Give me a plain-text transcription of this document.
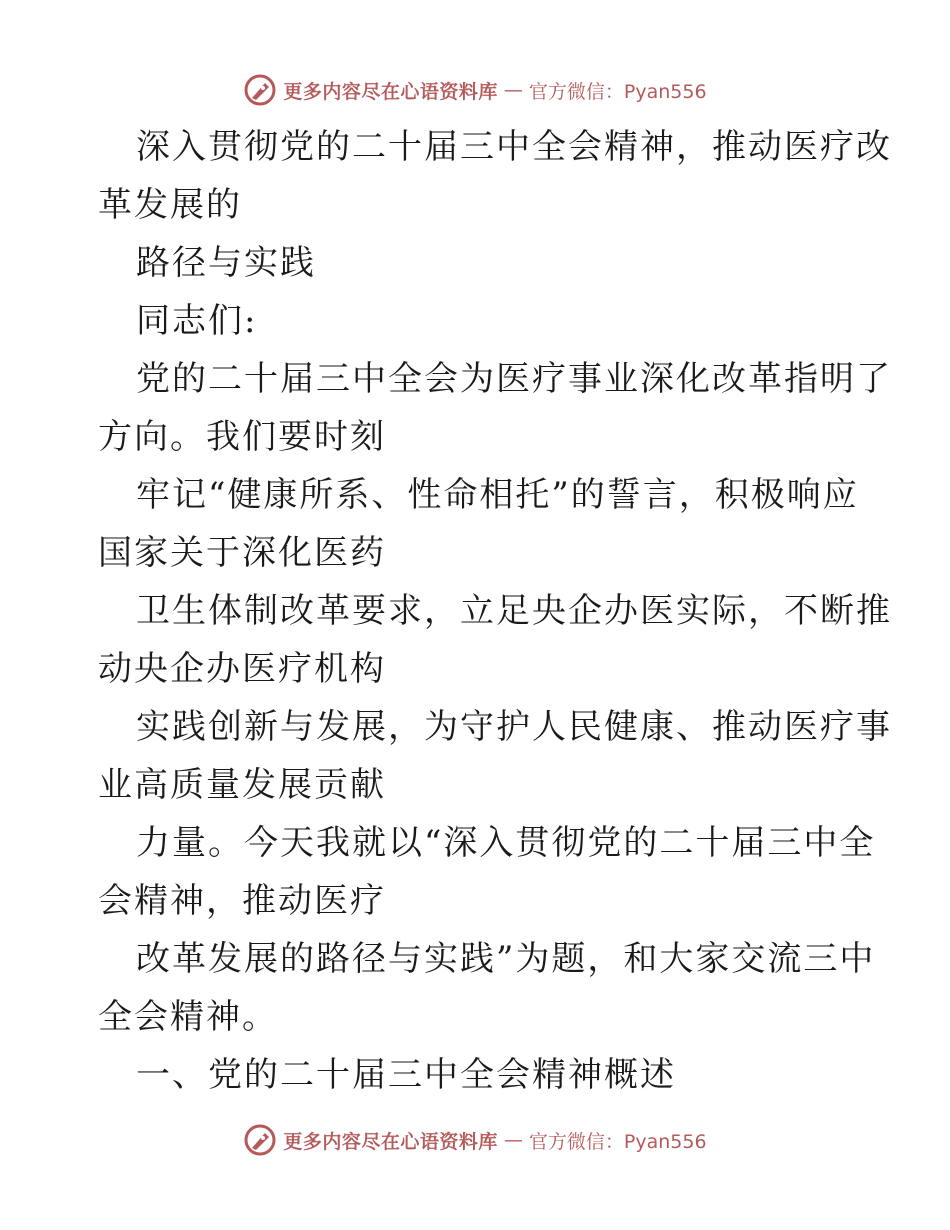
更多内容尽在心语资料库 — 官方微信：Pyan556
深入贯彻党的二十届三中全会精神，推动医疗改
革发展的
路径与实践
同志们:
党的二十届三中全会为医疗事业深化改革指明了
方向。我们要时刻
牢记“健康所系、性命相托”的誓言，积极响应
国家关于深化医药
卫生体制改革要求，立足央企办医实际，不断推
动央企办医疗机构
实践创新与发展，为守护人民健康、推动医疗事
业高质量发展贡献
力量。今天我就以“深入贯彻党的二十届三中全
会精神，推动医疗
改革发展的路径与实践”为题，和大家交流三中
全会精神。
一、党的二十届三中全会精神概述
更多内容尽在心语资料库 — 官方微信：Pyan556
